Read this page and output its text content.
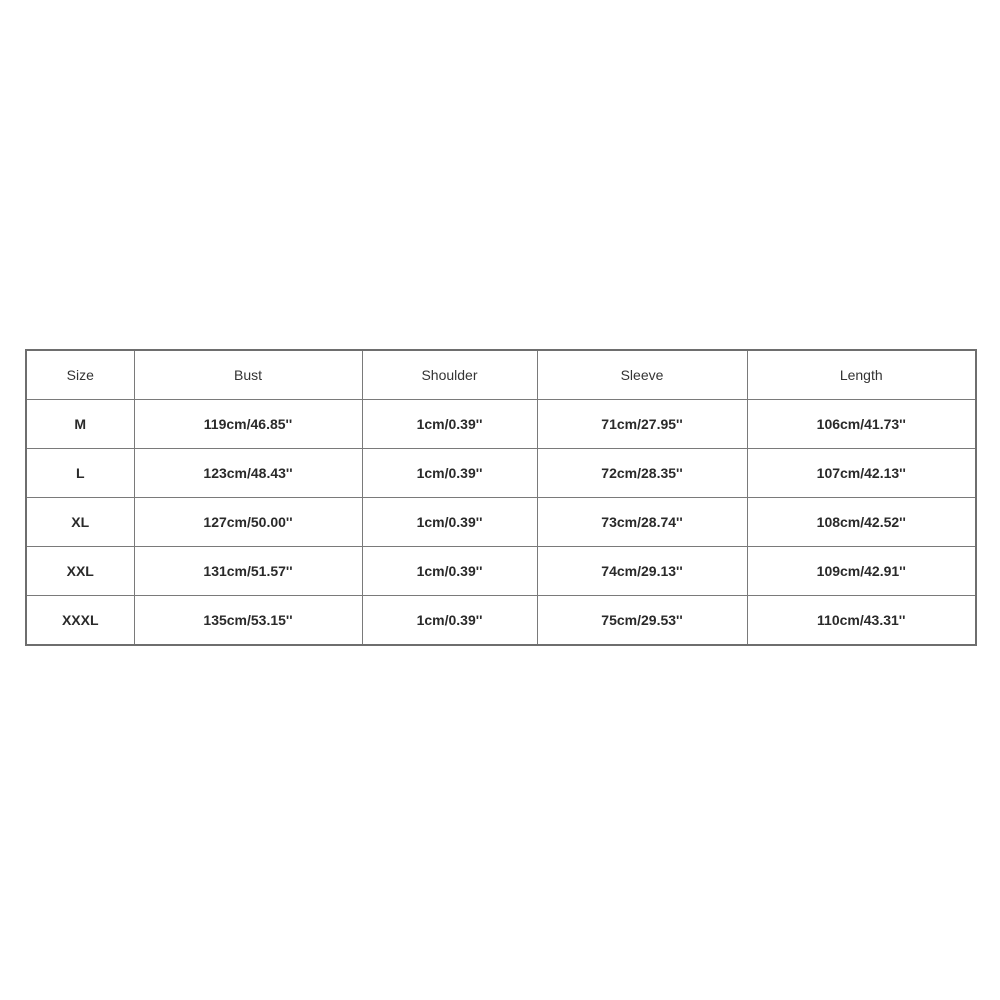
Size	Bust	Shoulder	Sleeve	Length
M	119cm/46.85''	1cm/0.39''	71cm/27.95''	106cm/41.73''
L	123cm/48.43''	1cm/0.39''	72cm/28.35''	107cm/42.13''
XL	127cm/50.00''	1cm/0.39''	73cm/28.74''	108cm/42.52''
XXL	131cm/51.57''	1cm/0.39''	74cm/29.13''	109cm/42.91''
XXXL	135cm/53.15''	1cm/0.39''	75cm/29.53''	110cm/43.31''
